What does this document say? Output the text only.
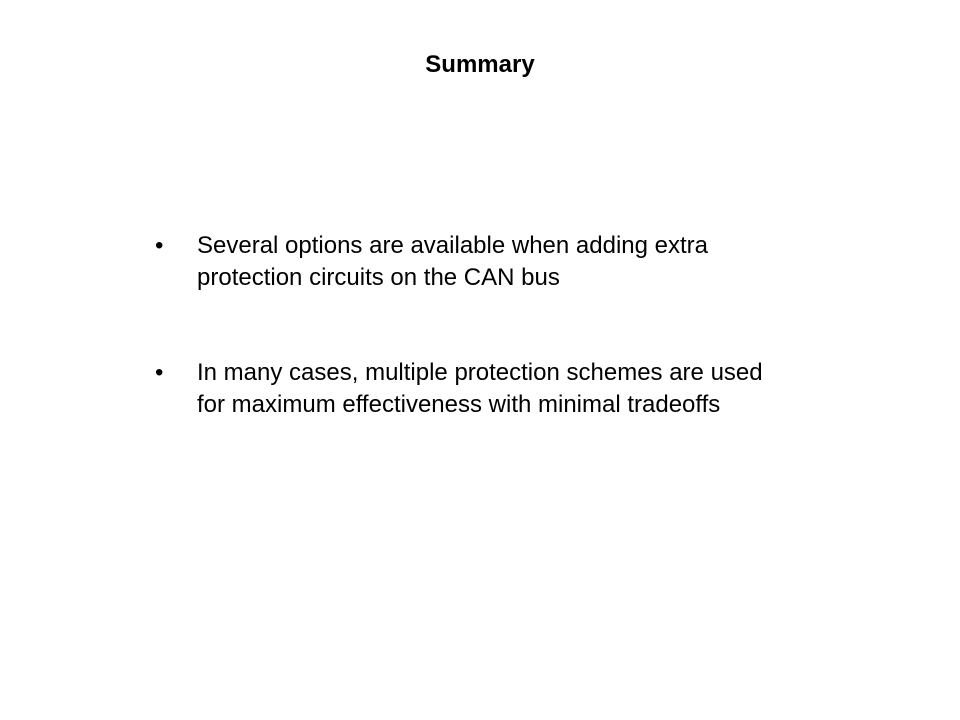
Summary
•	Several options are available when adding extra protection circuits on the CAN bus
•	In many cases, multiple protection schemes are used for maximum effectiveness with minimal tradeoffs
